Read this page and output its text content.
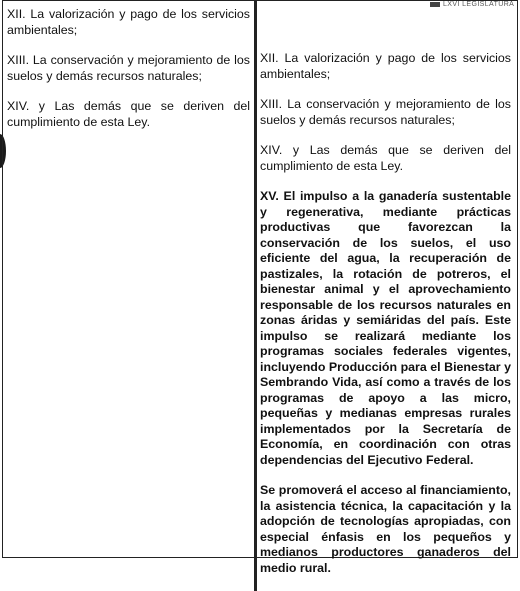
LXVI LEGISLATURA

XII. La valorización y pago de los servicios ambientales;

XIII. La conservación y mejoramiento de los suelos y demás recursos naturales;

XIV. y Las demás que se deriven del cumplimiento de esta Ley.

XII. La valorización y pago de los servicios ambientales;

XIII. La conservación y mejoramiento de los suelos y demás recursos naturales;

XIV. y Las demás que se deriven del cumplimiento de esta Ley.

XV. El impulso a la ganadería sustentable y regenerativa, mediante prácticas productivas que favorezcan la conservación de los suelos, el uso eficiente del agua, la recuperación de pastizales, la rotación de potreros, el bienestar animal y el aprovechamiento responsable de los recursos naturales en zonas áridas y semiáridas del país. Este impulso se realizará mediante los programas sociales federales vigentes, incluyendo Producción para el Bienestar y Sembrando Vida, así como a través de los programas de apoyo a las micro, pequeñas y medianas empresas rurales implementados por la Secretaría de Economía, en coordinación con otras dependencias del Ejecutivo Federal.

Se promoverá el acceso al financiamiento, la asistencia técnica, la capacitación y la adopción de tecnologías apropiadas, con especial énfasis en los pequeños y medianos productores ganaderos del medio rural.
